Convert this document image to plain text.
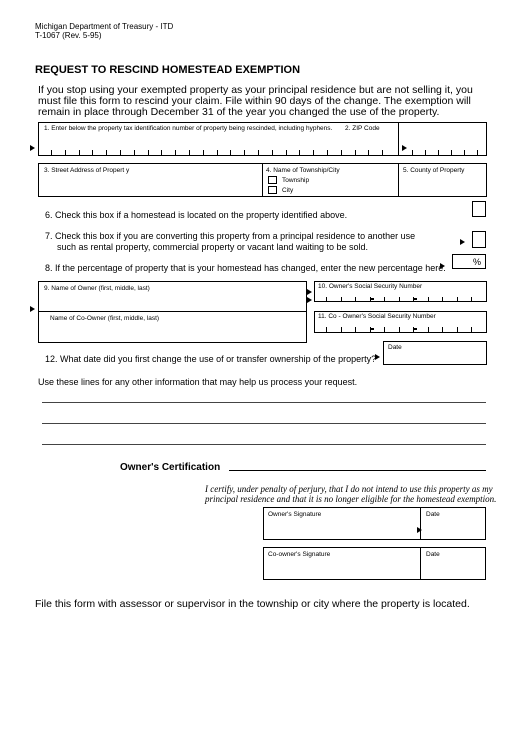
Michigan Department of Treasury - ITD
T-1067 (Rev. 5-95)
REQUEST TO RESCIND HOMESTEAD EXEMPTION
If you stop using your exempted property as your principal residence but are not selling it, you must file this form to rescind your claim. File within 90 days of the change. The exemption will remain in place through December 31 of the year you changed the use of the property.
1. Enter below the property tax identification number of property being rescinded, including hyphens. 2. ZIP Code
3. Street Address of Propert y	4. Name of Township/City
Township
City
5. County of Property
6. Check this box if a homestead is located on the property identified above.
7. Check this box if you are converting this property from a principal residence to another use
such as rental property, commercial property or vacant land waiting to be sold.
8. If the percentage of property that is your homestead has changed, enter the new percentage here.
%
9. Name of Owner (first, middle, last)
Name of Co-Owner (first, middle, last)
10. Owner's Social Security Number
11. Co - Owner's Social Security Number
12. What date did you first change the use of or transfer ownership of the property?
Date
Use these lines for any other information that may help us process your request.
Owner's Certification
I certify, under penalty of perjury, that I do not intend to use this property as my
principal residence and that it is no longer eligible for the homestead exemption.
Owner's Signature	Date
Co-owner's Signature	Date
File this form with assessor or supervisor in the township or city where the property is located.
